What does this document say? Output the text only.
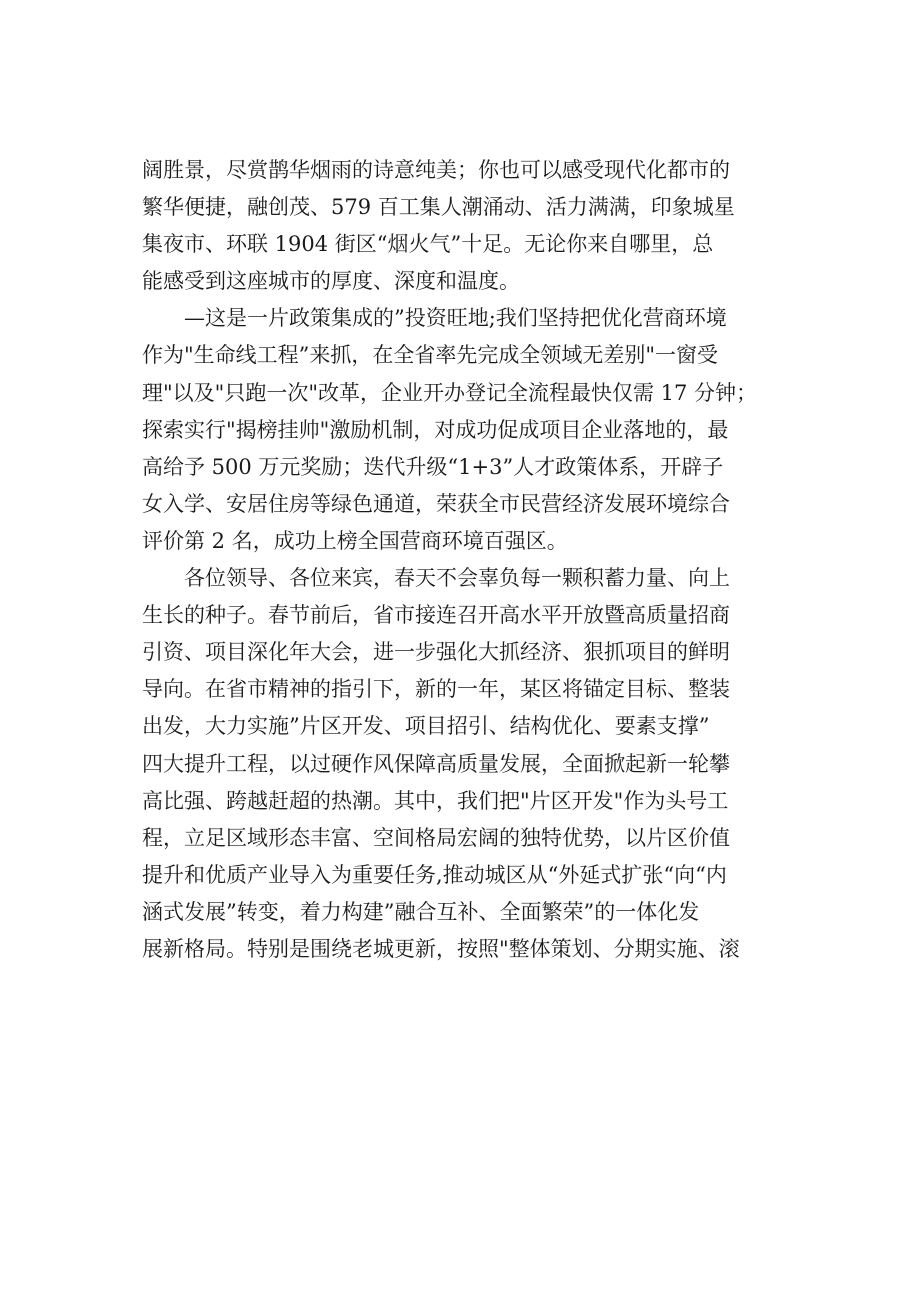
阔胜景，尽赏鹊华烟雨的诗意纯美；你也可以感受现代化都市的
繁华便捷，融创茂、579 百工集人潮涌动、活力满满，印象城星
集夜市、环联 1904 街区“烟火气”十足。无论你来自哪里，总
能感受到这座城市的厚度、深度和温度。
—这是一片政策集成的”投资旺地;我们坚持把优化营商环境
作为"生命线工程”来抓，在全省率先完成全领域无差别"一窗受
理"以及"只跑一次"改革，企业开办登记全流程最快仅需 17 分钟；
探索实行"揭榜挂帅"激励机制，对成功促成项目企业落地的，最
高给予 500 万元奖励；迭代升级“1+3”人才政策体系，开辟子
女入学、安居住房等绿色通道，荣获全市民营经济发展环境综合
评价第 2 名，成功上榜全国营商环境百强区。
各位领导、各位来宾，春天不会辜负每一颗积蓄力量、向上
生长的种子。春节前后，省市接连召开高水平开放暨高质量招商
引资、项目深化年大会，进一步强化大抓经济、狠抓项目的鲜明
导向。在省市精神的指引下，新的一年，某区将锚定目标、整装
出发，大力实施”片区开发、项目招引、结构优化、要素支撑”
四大提升工程，以过硬作风保障高质量发展，全面掀起新一轮攀
高比强、跨越赶超的热潮。其中，我们把"片区开发"作为头号工
程，立足区域形态丰富、空间格局宏阔的独特优势，以片区价值
提升和优质产业导入为重要任务,推动城区从“外延式扩张“向“内
涵式发展”转变，着力构建”融合互补、全面繁荣”的一体化发
展新格局。特别是围绕老城更新，按照"整体策划、分期实施、滚
